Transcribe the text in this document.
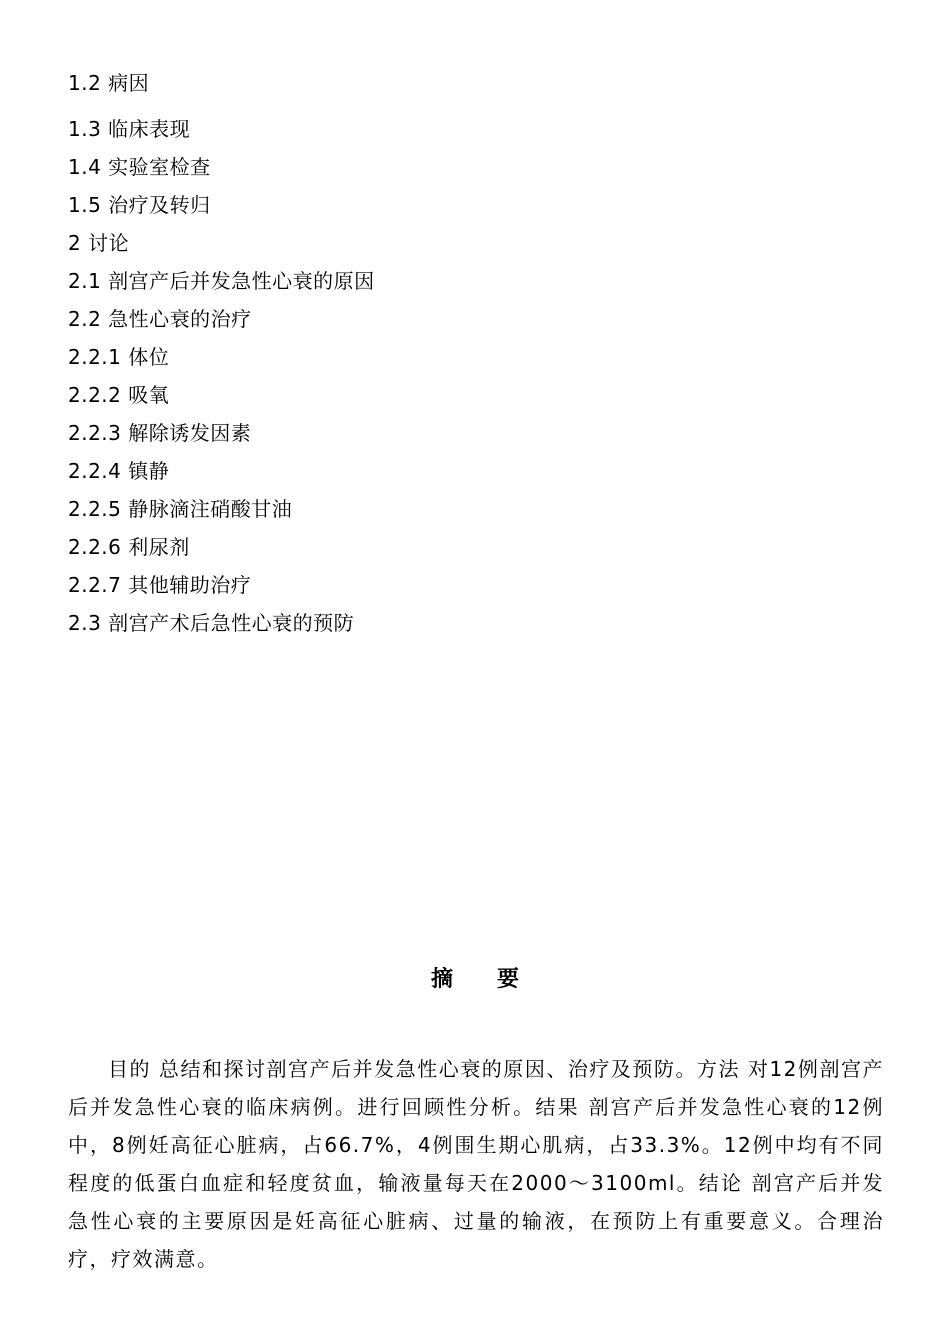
1.2 病因
1.3 临床表现
1.4 实验室检查
1.5 治疗及转归
2 讨论
2.1 剖宫产后并发急性心衰的原因
2.2 急性心衰的治疗
2.2.1 体位
2.2.2 吸氧
2.2.3 解除诱发因素
2.2.4 镇静
2.2.5 静脉滴注硝酸甘油
2.2.6 利尿剂
2.2.7 其他辅助治疗
2.3 剖宫产术后急性心衰的预防
摘要

目的 总结和探讨剖宫产后并发急性心衰的原因、治疗及预防。方法 对12例剖宫产后并发急性心衰的临床病例。进行回顾性分析。结果 剖宫产后并发急性心衰的12例中，8例妊高征心脏病，占66.7%，4例围生期心肌病，占33.3%。12例中均有不同程度的低蛋白血症和轻度贫血，输液量每天在2000～3100ml。结论 剖宫产后并发急性心衰的主要原因是妊高征心脏病、过量的输液，在预防上有重要意义。合理治疗，疗效满意。
